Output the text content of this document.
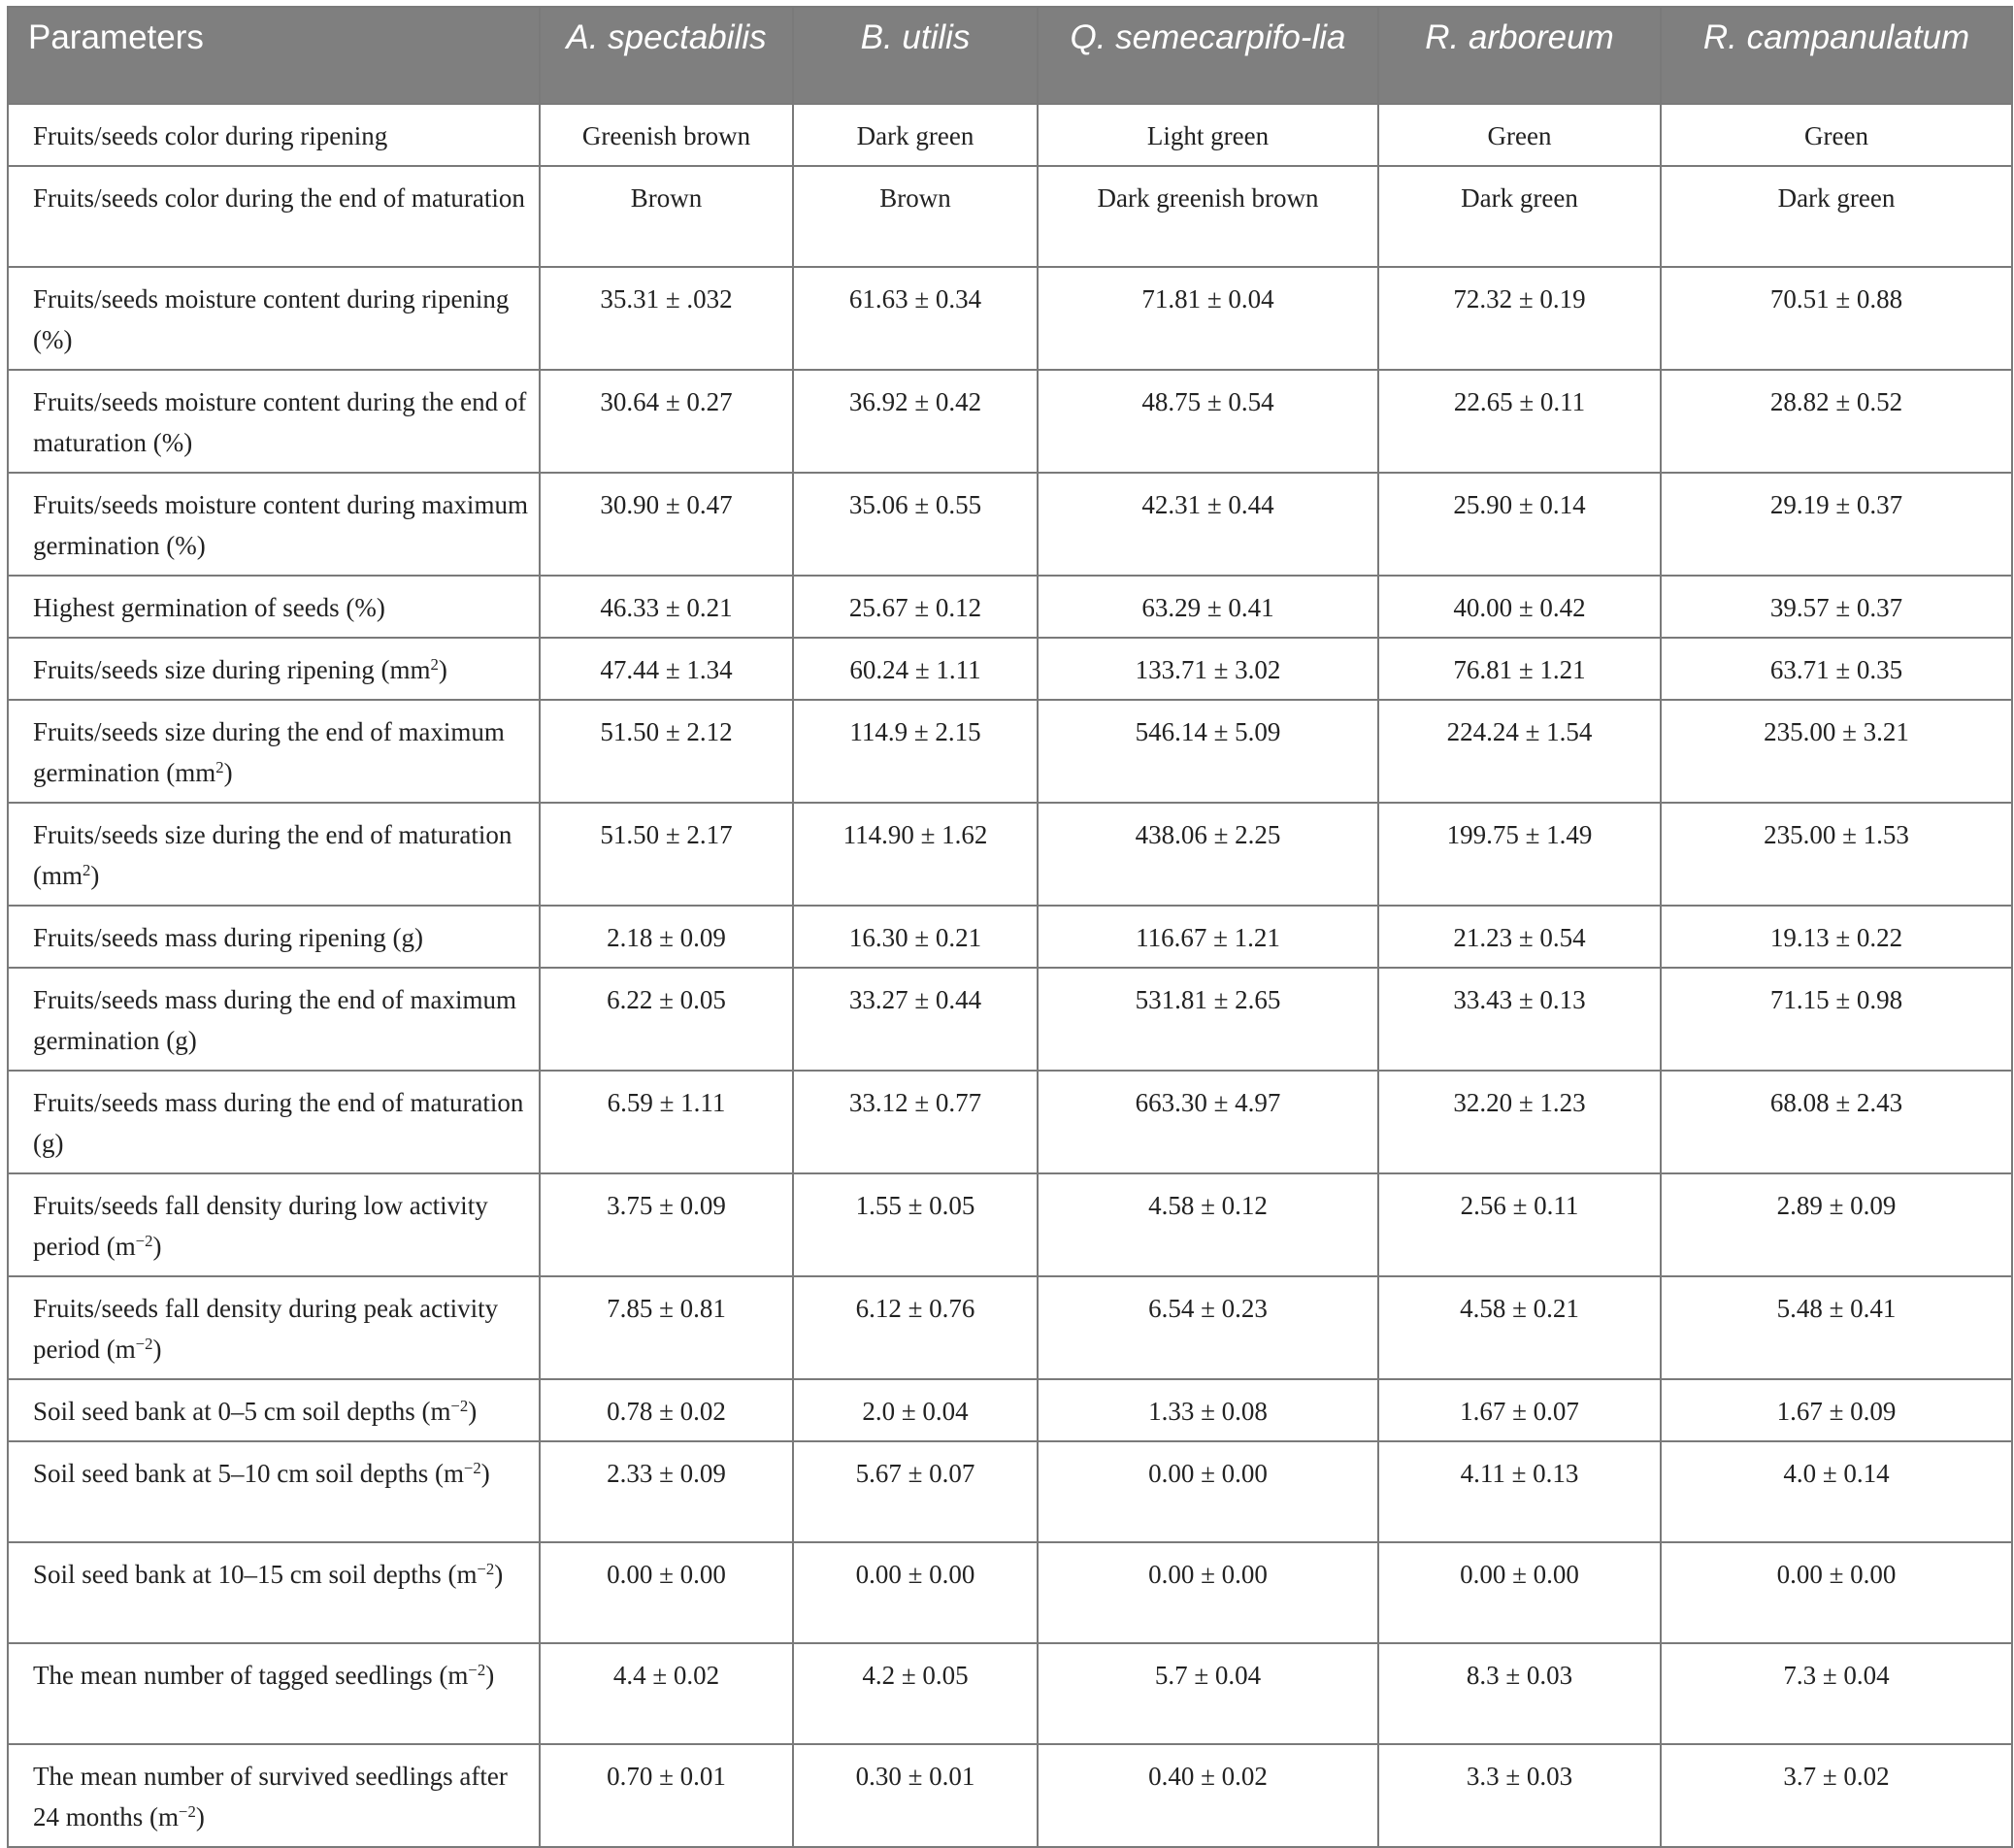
Parameters	A. spectabilis	B. utilis	Q. semecarpifo-lia	R. arboreum	R. campanulatum
Fruits/seeds color during ripening	Greenish brown	Dark green	Light green	Green	Green
Fruits/seeds color during the end of maturation	Brown	Brown	Dark greenish brown	Dark green	Dark green
Fruits/seeds moisture content during ripening (%)	35.31 ± .032	61.63 ± 0.34	71.81 ± 0.04	72.32 ± 0.19	70.51 ± 0.88
Fruits/seeds moisture content during the end of maturation (%)	30.64 ± 0.27	36.92 ± 0.42	48.75 ± 0.54	22.65 ± 0.11	28.82 ± 0.52
Fruits/seeds moisture content during maximum germination (%)	30.90 ± 0.47	35.06 ± 0.55	42.31 ± 0.44	25.90 ± 0.14	29.19 ± 0.37
Highest germination of seeds (%)	46.33 ± 0.21	25.67 ± 0.12	63.29 ± 0.41	40.00 ± 0.42	39.57 ± 0.37
Fruits/seeds size during ripening $(mm^2)$	47.44 ± 1.34	60.24 ± 1.11	133.71 ± 3.02	76.81 ± 1.21	63.71 ± 0.35
Fruits/seeds size during the end of maximum germination $(mm^2)$	51.50 ± 2.12	114.9 ± 2.15	546.14 ± 5.09	224.24 ± 1.54	235.00 ± 3.21
Fruits/seeds size during the end of maturation $(mm^2)$	51.50 ± 2.17	114.90 ± 1.62	438.06 ± 2.25	199.75 ± 1.49	235.00 ± 1.53
Fruits/seeds mass during ripening (g)	2.18 ± 0.09	16.30 ± 0.21	116.67 ± 1.21	21.23 ± 0.54	19.13 ± 0.22
Fruits/seeds mass during the end of maximum germination (g)	6.22 ± 0.05	33.27 ± 0.44	531.81 ± 2.65	33.43 ± 0.13	71.15 ± 0.98
Fruits/seeds mass during the end of maturation (g)	6.59 ± 1.11	33.12 ± 0.77	663.30 ± 4.97	32.20 ± 1.23	68.08 ± 2.43
Fruits/seeds fall density during low activity period $(m^{-2})$	3.75 ± 0.09	1.55 ± 0.05	4.58 ± 0.12	2.56 ± 0.11	2.89 ± 0.09
Fruits/seeds fall density during peak activity period $(m^{-2})$	7.85 ± 0.81	6.12 ± 0.76	6.54 ± 0.23	4.58 ± 0.21	5.48 ± 0.41
Soil seed bank at 0–5 cm soil depths $(m^{-2})$	0.78 ± 0.02	2.0 ± 0.04	1.33 ± 0.08	1.67 ± 0.07	1.67 ± 0.09
Soil seed bank at 5–10 cm soil depths $(m^{-2})$	2.33 ± 0.09	5.67 ± 0.07	0.00 ± 0.00	4.11 ± 0.13	4.0 ± 0.14
Soil seed bank at 10–15 cm soil depths $(m^{-2})$	0.00 ± 0.00	0.00 ± 0.00	0.00 ± 0.00	0.00 ± 0.00	0.00 ± 0.00
The mean number of tagged seedlings $(m^{-2})$	4.4 ± 0.02	4.2 ± 0.05	5.7 ± 0.04	8.3 ± 0.03	7.3 ± 0.04
The mean number of survived seedlings after 24 months $(m^{-2})$	0.70 ± 0.01	0.30 ± 0.01	0.40 ± 0.02	3.3 ± 0.03	3.7 ± 0.02
